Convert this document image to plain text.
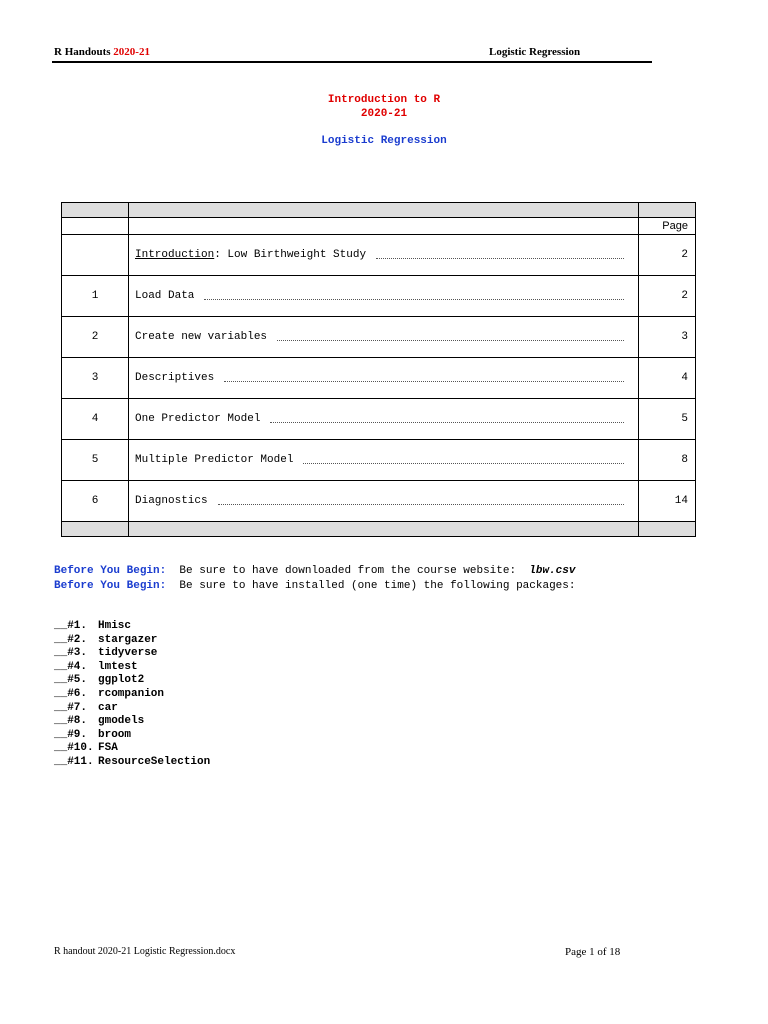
R Handouts 2020-21	Logistic Regression
Introduction to R
2020-21
Logistic Regression

		Page

	Introduction : Low Birthweight Study	2
1	Load Data	2
2	Create new variables	3
3	Descriptives	4
4	One Predictor Model	5
5	Multiple Predictor Model	8
6	Diagnostics	14

Before You Begin:  Be sure to have downloaded from the course website:  lbw.csv
Before You Begin:  Be sure to have installed (one time) the following packages:
__#1. Hmisc
__#2. stargazer
__#3. tidyverse
__#4. lmtest
__#5. ggplot2
__#6. rcompanion
__#7. car
__#8. gmodels
__#9. broom
__#10. FSA
__#11. ResourceSelection
R handout 2020-21 Logistic Regression.docx	Page 1 of 18
